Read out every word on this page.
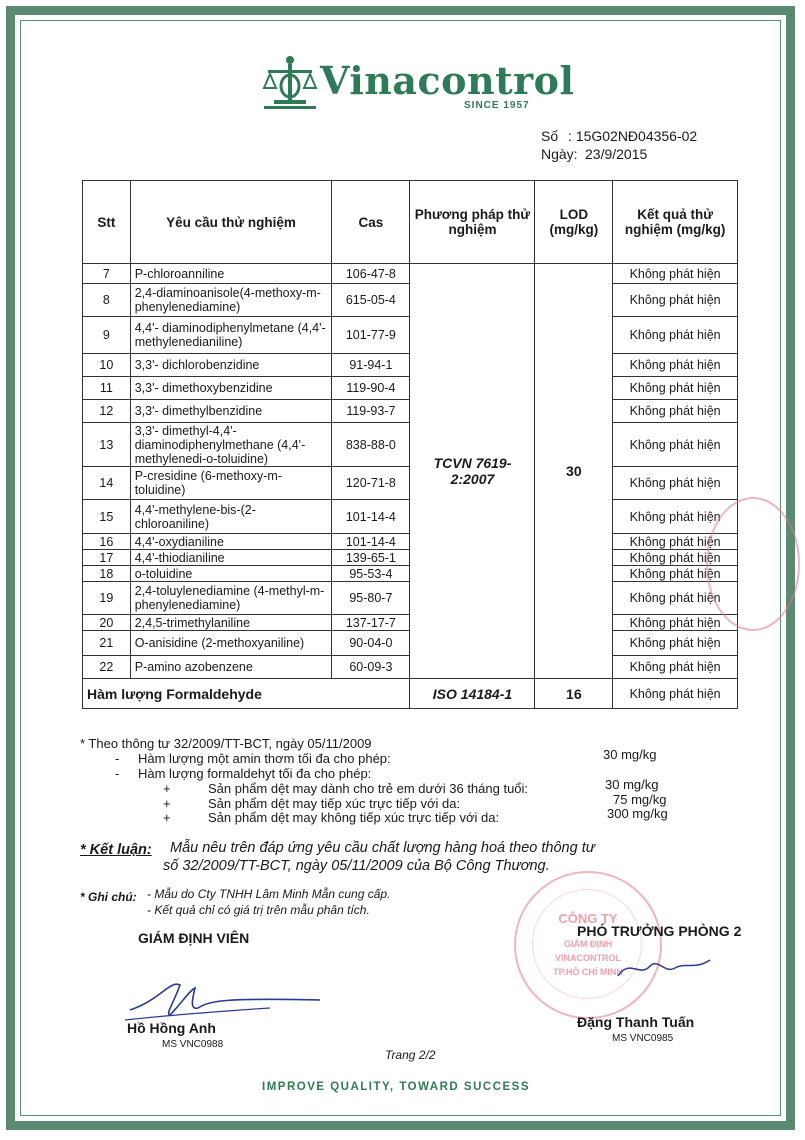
Vinacontrol
SINCE 1957
Số : 15G02NĐ04356-02
Ngày: 23/9/2015
Stt	Yêu cầu thử nghiệm	Cas	Phương pháp thử nghiệm	LOD (mg/kg)	Kết quả thử nghiệm (mg/kg)
7	P-chloroanniline	106-47-8	TCVN 7619-2:2007	30	Không phát hiện
8	2,4-diaminoanisole(4-methoxy-m- phenylenediamine)	615-05-4			Không phát hiện
9	4,4'- diaminodiphenylmetane (4,4'- methylenedianiline)	101-77-9			Không phát hiện
10	3,3'- dichlorobenzidine	91-94-1			Không phát hiện
11	3,3'- dimethoxybenzidine	119-90-4			Không phát hiện
12	3,3'- dimethylbenzidine	119-93-7			Không phát hiện
13	3,3'- dimethyl-4,4'-diaminodiphenylmethane (4,4'- methylenedi-o-toluidine)	838-88-0			Không phát hiện
14	P-cresidine (6-methoxy-m-toluidine)	120-71-8			Không phát hiện
15	4,4'-methylene-bis-(2-chloroaniline)	101-14-4			Không phát hiện
16	4,4'-oxydianiline	101-14-4			Không phát hiện
17	4,4'-thiodianiline	139-65-1			Không phát hiện
18	o-toluidine	95-53-4			Không phát hiện
19	2,4-toluylenediamine (4-methyl-m-phenylenediamine)	95-80-7			Không phát hiện
20	2,4,5-trimethylaniline	137-17-7			Không phát hiện
21	O-anisidine (2-methoxyaniline)	90-04-0			Không phát hiện
22	P-amino azobenzene	60-09-3			Không phát hiện
Hàm lượng Formaldehyde			ISO 14184-1	16	Không phát hiện
* Theo thông tư 32/2009/TT-BCT, ngày 05/11/2009
- Hàm lượng một amin thơm tối đa cho phép:	30 mg/kg
- Hàm lượng formaldehyt tối đa cho phép:
+	Sản phẩm dệt may dành cho trẻ em dưới 36 tháng tuổi:	30 mg/kg
+	Sản phẩm dệt may tiếp xúc trực tiếp với da:	75 mg/kg
+	Sản phẩm dệt may không tiếp xúc trực tiếp với da:	300 mg/kg
* Kết luận: Mẫu nêu trên đáp ứng yêu cầu chất lượng hàng hoá theo thông tư
số 32/2009/TT-BCT, ngày 05/11/2009 của Bộ Công Thương.
* Ghi chú: - Mẫu do Cty TNHH Lâm Minh Mẫn cung cấp.
- Kết quả chỉ có giá trị trên mẫu phân tích.
CÔNG TY
GIÁM ĐỊNH
VINACONTROL
TP.HỒ CHÍ MINH
GIÁM ĐỊNH VIÊN
Hồ Hồng Anh
MS VNC0988
PHÓ TRƯỞNG PHÒNG 2
Đặng Thanh Tuấn
MS VNC0985
Trang 2/2
IMPROVE QUALITY, TOWARD SUCCESS
